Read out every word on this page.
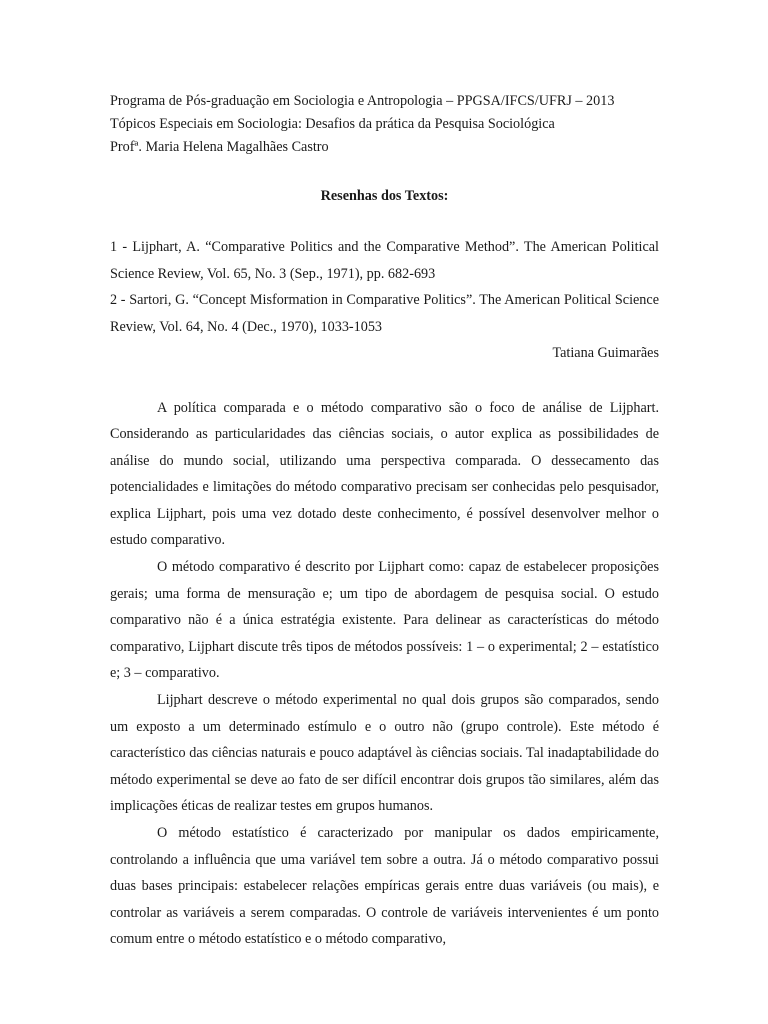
Programa de Pós-graduação em Sociologia e Antropologia – PPGSA/IFCS/UFRJ – 2013
Tópicos Especiais em Sociologia: Desafios da prática da Pesquisa Sociológica
Profª. Maria Helena Magalhães Castro
Resenhas dos Textos:
1 - Lijphart, A. “Comparative Politics and the Comparative Method”. The American Political Science Review, Vol. 65, No. 3 (Sep., 1971), pp. 682-693
2 - Sartori, G. “Concept Misformation in Comparative Politics”. The American Political Science Review, Vol. 64, No. 4 (Dec., 1970), 1033-1053
Tatiana Guimarães

A política comparada e o método comparativo são o foco de análise de Lijphart. Considerando as particularidades das ciências sociais, o autor explica as possibilidades de análise do mundo social, utilizando uma perspectiva comparada. O dessecamento das potencialidades e limitações do método comparativo precisam ser conhecidas pelo pesquisador, explica Lijphart, pois uma vez dotado deste conhecimento, é possível desenvolver melhor o estudo comparativo.

O método comparativo é descrito por Lijphart como: capaz de estabelecer proposições gerais; uma forma de mensuração e; um tipo de abordagem de pesquisa social. O estudo comparativo não é a única estratégia existente. Para delinear as características do método comparativo, Lijphart discute três tipos de métodos possíveis: 1 – o experimental; 2 – estatístico e; 3 – comparativo.

Lijphart descreve o método experimental no qual dois grupos são comparados, sendo um exposto a um determinado estímulo e o outro não (grupo controle). Este método é característico das ciências naturais e pouco adaptável às ciências sociais. Tal inadaptabilidade do método experimental se deve ao fato de ser difícil encontrar dois grupos tão similares, além das implicações éticas de realizar testes em grupos humanos.

O método estatístico é caracterizado por manipular os dados empiricamente, controlando a influência que uma variável tem sobre a outra. Já o método comparativo possui duas bases principais: estabelecer relações empíricas gerais entre duas variáveis (ou mais), e controlar as variáveis a serem comparadas. O controle de variáveis intervenientes é um ponto comum entre o método estatístico e o método comparativo,
